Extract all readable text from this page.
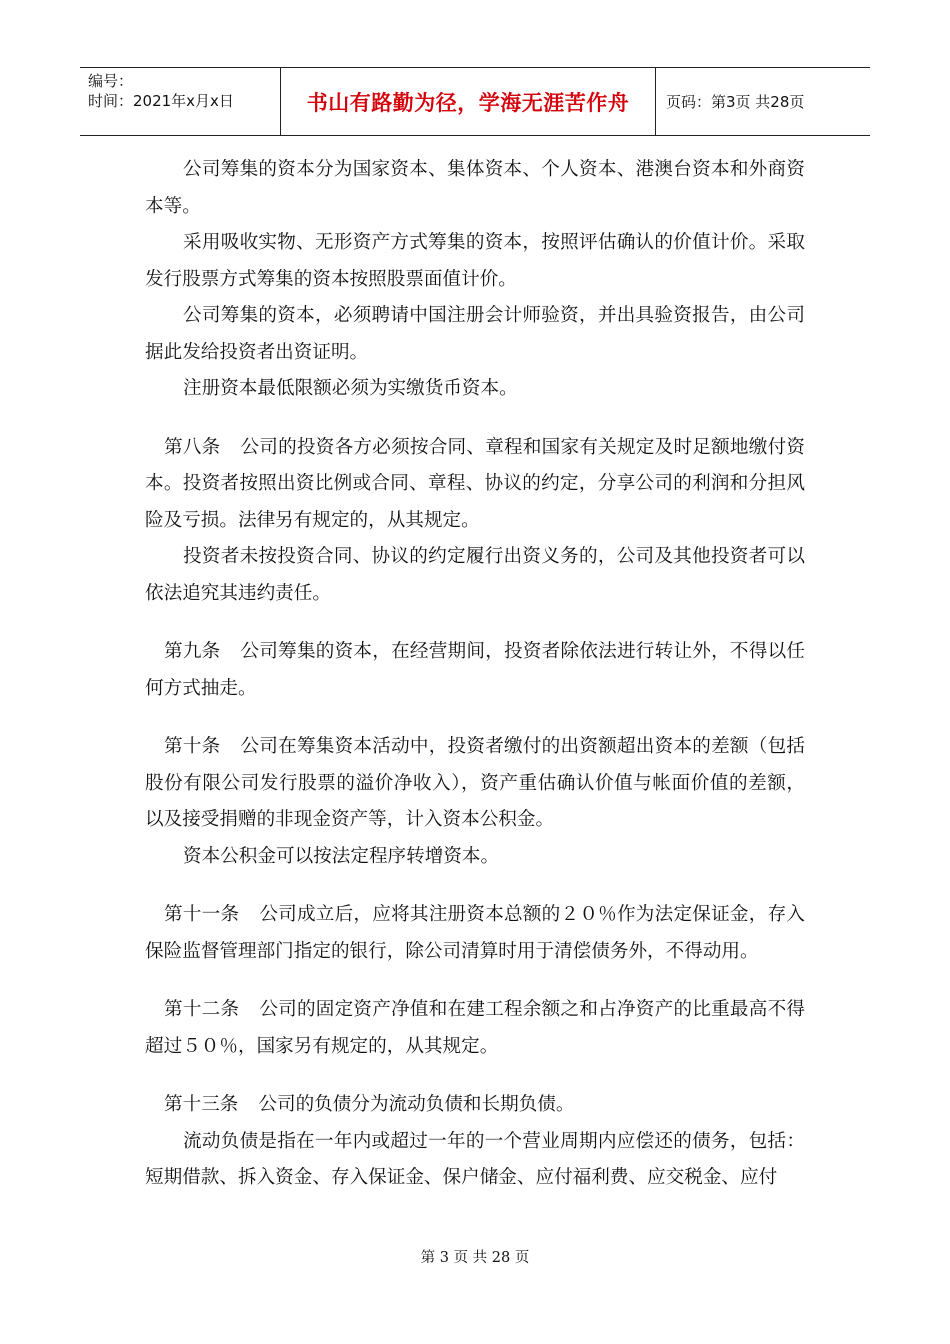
编号：
时间：2021年x月x日	书山有路勤为径，学海无涯苦作舟	页码：第3页 共28页

公司筹集的资本分为国家资本、集体资本、个人资本、港澳台资本和外商资本等。

采用吸收实物、无形资产方式筹集的资本，按照评估确认的价值计价。采取发行股票方式筹集的资本按照股票面值计价。

公司筹集的资本，必须聘请中国注册会计师验资，并出具验资报告，由公司据此发给投资者出资证明。

注册资本最低限额必须为实缴货币资本。

第八条 公司的投资各方必须按合同、章程和国家有关规定及时足额地缴付资本。投资者按照出资比例或合同、章程、协议的约定，分享公司的利润和分担风险及亏损。法律另有规定的，从其规定。

投资者未按投资合同、协议的约定履行出资义务的，公司及其他投资者可以依法追究其违约责任。

第九条 公司筹集的资本，在经营期间，投资者除依法进行转让外，不得以任何方式抽走。

第十条 公司在筹集资本活动中，投资者缴付的出资额超出资本的差额（包括股份有限公司发行股票的溢价净收入），资产重估确认价值与帐面价值的差额，以及接受捐赠的非现金资产等，计入资本公积金。

资本公积金可以按法定程序转增资本。

第十一条 公司成立后，应将其注册资本总额的２０％作为法定保证金，存入保险监督管理部门指定的银行，除公司清算时用于清偿债务外，不得动用。

第十二条 公司的固定资产净值和在建工程余额之和占净资产的比重最高不得超过５０％，国家另有规定的，从其规定。

第十三条 公司的负债分为流动负债和长期负债。

流动负债是指在一年内或超过一年的一个营业周期内应偿还的债务，包括：短期借款、拆入资金、存入保证金、保户储金、应付福利费、应交税金、应付

第 3 页 共 28 页
